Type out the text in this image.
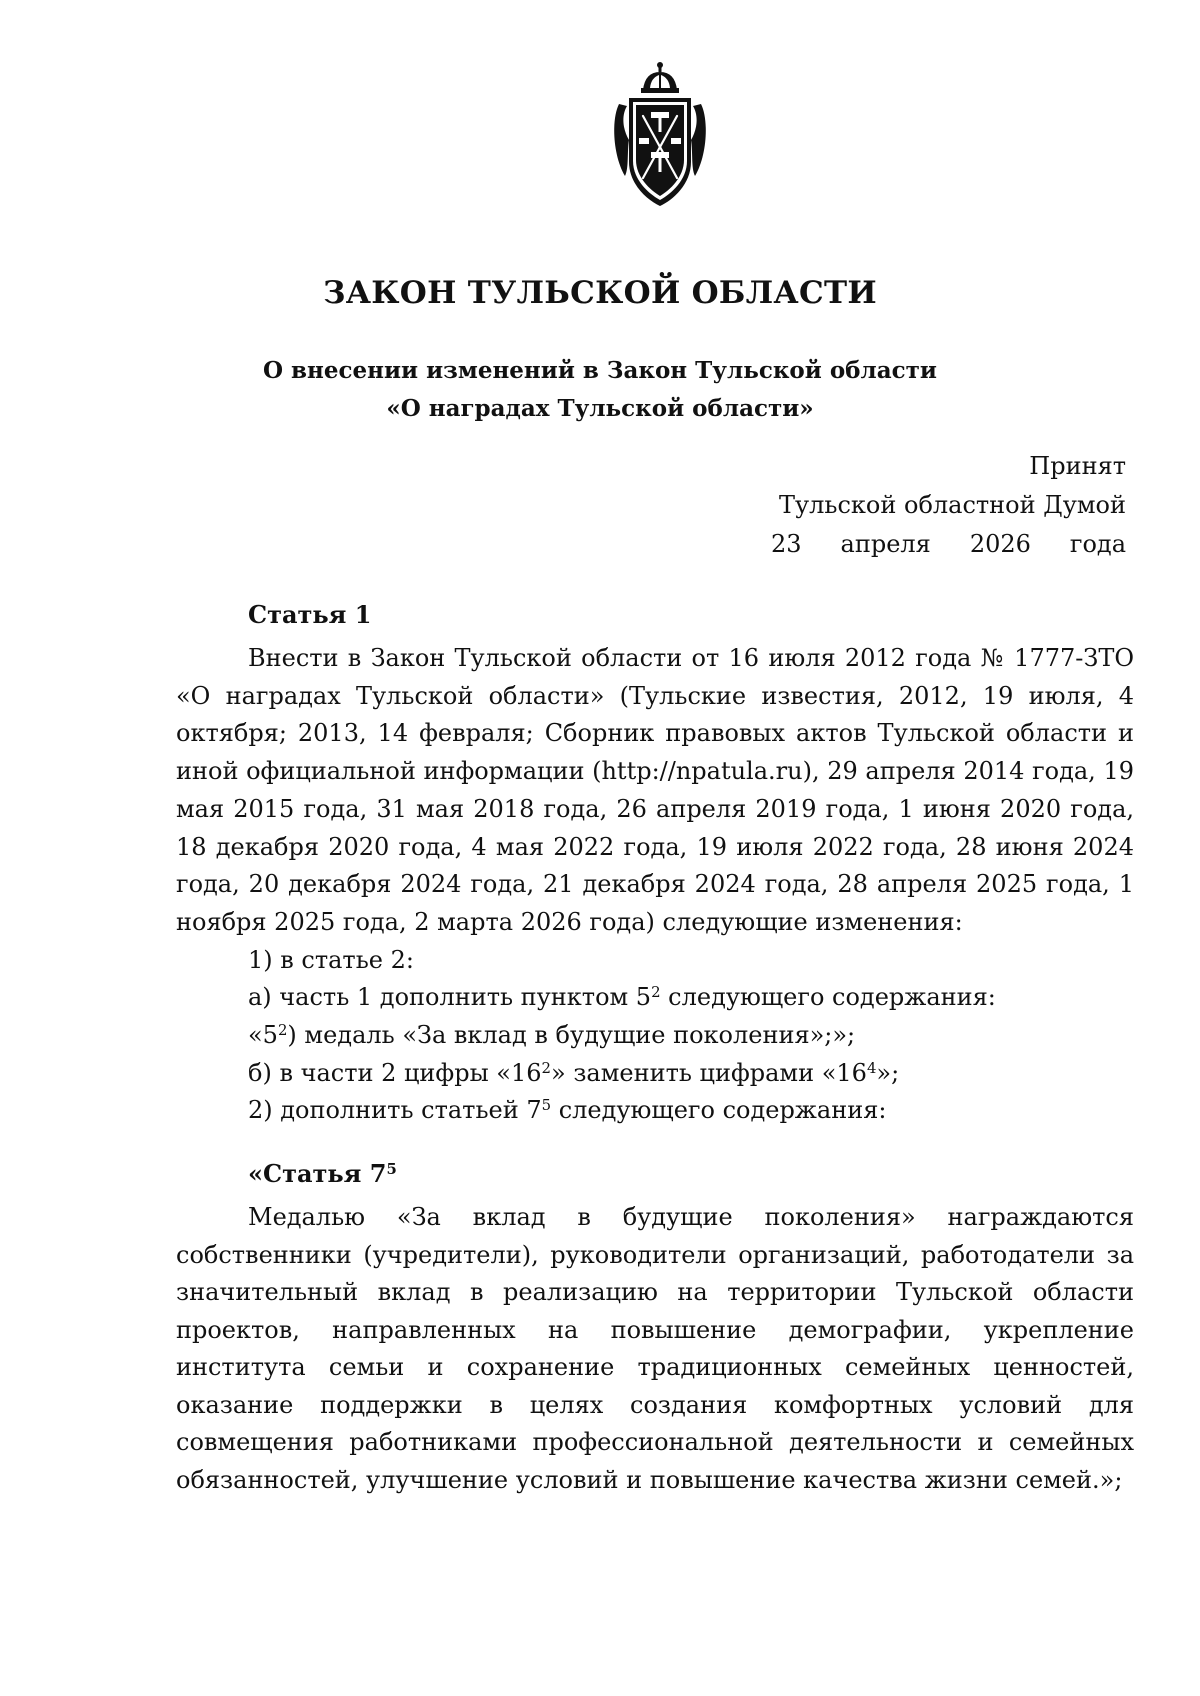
ЗАКОН ТУЛЬСКОЙ ОБЛАСТИ
О внесении изменений в Закон Тульской области
«О наградах Тульской области»
Принят
Тульской областной Думой
23 апреля 2026 года
Статья 1

Внести в Закон Тульской области от 16 июля 2012 года № 1777-ЗТО «О наградах Тульской области» (Тульские известия, 2012, 19 июля, 4 октября; 2013, 14 февраля; Сборник правовых актов Тульской области и иной официальной информации (http://npatula.ru), 29 апреля 2014 года, 19 мая 2015 года, 31 мая 2018 года, 26 апреля 2019 года, 1 июня 2020 года, 18 декабря 2020 года, 4 мая 2022 года, 19 июля 2022 года, 28 июня 2024 года, 20 декабря 2024 года, 21 декабря 2024 года, 28 апреля 2025 года, 1 ноября 2025 года, 2 марта 2026 года) следующие изменения:

1) в статье 2:

а) часть 1 дополнить пунктом $5^2$ следующего содержания:

«$5^2$) медаль «За вклад в будущие поколения»;»;

б) в части 2 цифры «$16^2$» заменить цифрами «$16^4$»;

2) дополнить статьей $7^5$ следующего содержания:

«Статья $7^5$

Медалью «За вклад в будущие поколения» награждаются собственники (учредители), руководители организаций, работодатели за значительный вклад в реализацию на территории Тульской области проектов, направленных на повышение демографии, укрепление института семьи и сохранение традиционных семейных ценностей, оказание поддержки в целях создания комфортных условий для совмещения работниками профессиональной деятельности и семейных обязанностей, улучшение условий и повышение качества жизни семей.»;
